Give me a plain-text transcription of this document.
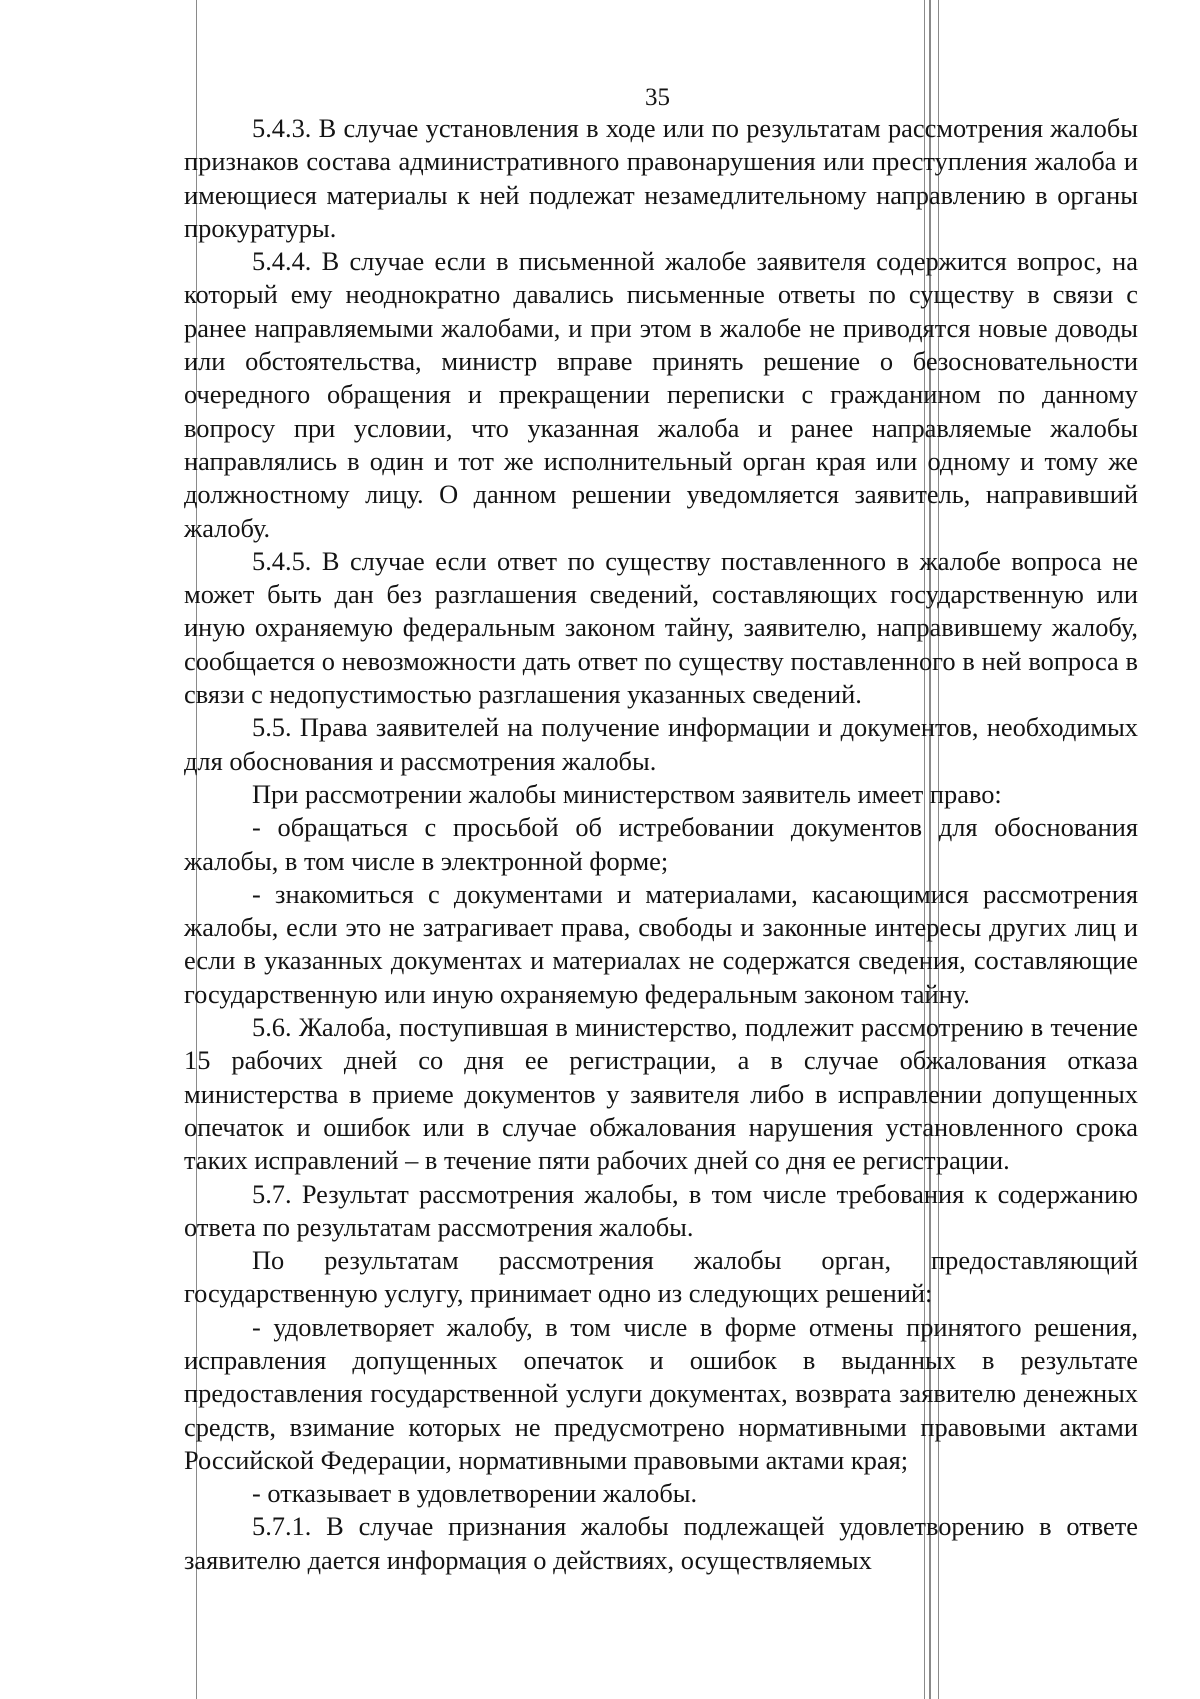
35

5.4.3. В случае установления в ходе или по результатам рассмотрения жалобы признаков состава административного правонарушения или преступления жалоба и имеющиеся материалы к ней подлежат незамедлительному направлению в органы прокуратуры.

5.4.4. В случае если в письменной жалобе заявителя содержится вопрос, на который ему неоднократно давались письменные ответы по существу в связи с ранее направляемыми жалобами, и при этом в жалобе не приводятся новые доводы или обстоятельства, министр вправе принять решение о безосновательности очередного обращения и прекращении переписки с гражданином по данному вопросу при условии, что указанная жалоба и ранее направляемые жалобы направлялись в один и тот же исполнительный орган края или одному и тому же должностному лицу. О данном решении уведомляется заявитель, направивший жалобу.

5.4.5. В случае если ответ по существу поставленного в жалобе вопроса не может быть дан без разглашения сведений, составляющих государственную или иную охраняемую федеральным законом тайну, заявителю, направившему жалобу, сообщается о невозможности дать ответ по существу поставленного в ней вопроса в связи с недопустимостью разглашения указанных сведений.

5.5. Права заявителей на получение информации и документов, необходимых для обоснования и рассмотрения жалобы.

При рассмотрении жалобы министерством заявитель имеет право:

- обращаться с просьбой об истребовании документов для обоснования жалобы, в том числе в электронной форме;

- знакомиться с документами и материалами, касающимися рассмотрения жалобы, если это не затрагивает права, свободы и законные интересы других лиц и если в указанных документах и материалах не содержатся сведения, составляющие государственную или иную охраняемую федеральным законом тайну.

5.6. Жалоба, поступившая в министерство, подлежит рассмотрению в течение 15 рабочих дней со дня ее регистрации, а в случае обжалования отказа министерства в приеме документов у заявителя либо в исправлении допущенных опечаток и ошибок или в случае обжалования нарушения установленного срока таких исправлений – в течение пяти рабочих дней со дня ее регистрации.

5.7. Результат рассмотрения жалобы, в том числе требования к содержанию ответа по результатам рассмотрения жалобы.

По результатам рассмотрения жалобы орган, предоставляющий государственную услугу, принимает одно из следующих решений:

- удовлетворяет жалобу, в том числе в форме отмены принятого решения, исправления допущенных опечаток и ошибок в выданных в результате предоставления государственной услуги документах, возврата заявителю денежных средств, взимание которых не предусмотрено нормативными правовыми актами Российской Федерации, нормативными правовыми актами края;

- отказывает в удовлетворении жалобы.

5.7.1. В случае признания жалобы подлежащей удовлетворению в ответе заявителю дается информация о действиях, осуществляемых
